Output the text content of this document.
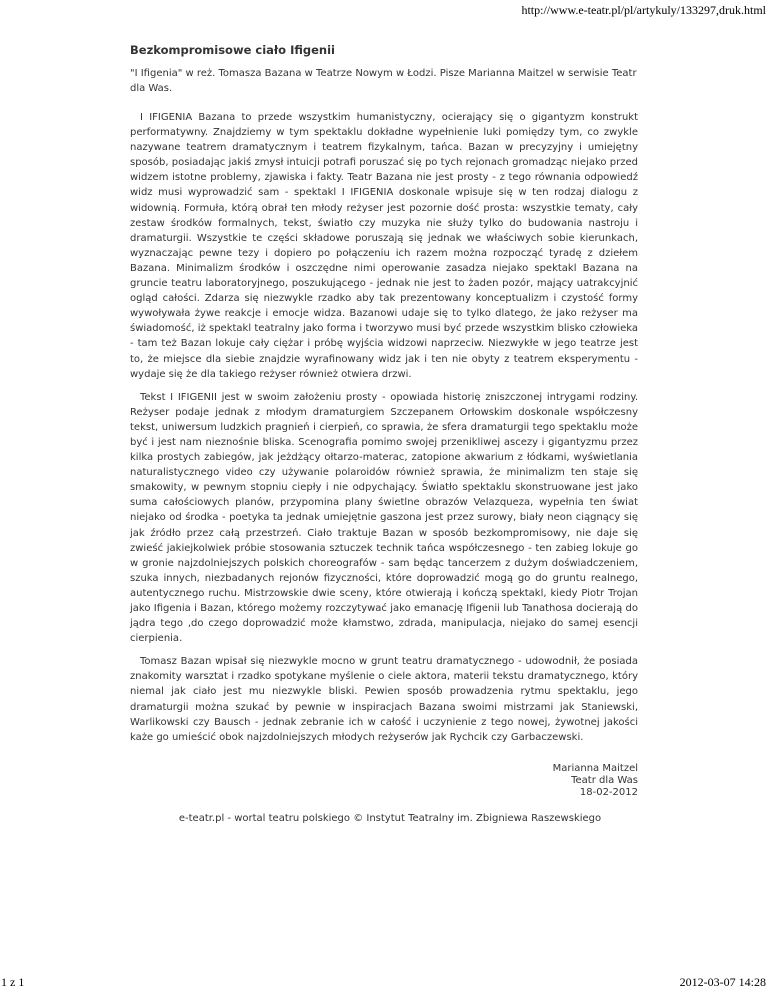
http://www.e-teatr.pl/pl/artykuly/133297,druk.html
Bezkompromisowe ciało Ifigenii

"I Ifigenia" w reż. Tomasza Bazana w Teatrze Nowym w Łodzi. Pisze Marianna Maitzel w serwisie Teatr dla Was.

I IFIGENIA Bazana to przede wszystkim humanistyczny, ocierający się o gigantyzm konstrukt performatywny. Znajdziemy w tym spektaklu dokładne wypełnienie luki pomiędzy tym, co zwykle nazywane teatrem dramatycznym i teatrem fizykalnym, tańca. Bazan w precyzyjny i umiejętny sposób, posiadając jakiś zmysł intuicji potrafi poruszać się po tych rejonach gromadząc niejako przed widzem istotne problemy, zjawiska i fakty. Teatr Bazana nie jest prosty - z tego równania odpowiedź widz musi wyprowadzić sam - spektakl I IFIGENIA doskonale wpisuje się w ten rodzaj dialogu z widownią. Formuła, którą obrał ten młody reżyser jest pozornie dość prosta: wszystkie tematy, cały zestaw środków formalnych, tekst, światło czy muzyka nie służy tylko do budowania nastroju i dramaturgii. Wszystkie te części składowe poruszają się jednak we właściwych sobie kierunkach, wyznaczając pewne tezy i dopiero po połączeniu ich razem można rozpocząć tyradę z dziełem Bazana. Minimalizm środków i oszczędne nimi operowanie zasadza niejako spektakl Bazana na gruncie teatru laboratoryjnego, poszukującego - jednak nie jest to żaden pozór, mający uatrakcyjnić ogląd całości. Zdarza się niezwykle rzadko aby tak prezentowany konceptualizm i czystość formy wywoływała żywe reakcje i emocje widza. Bazanowi udaje się to tylko dlatego, że jako reżyser ma świadomość, iż spektakl teatralny jako forma i tworzywo musi być przede wszystkim blisko człowieka - tam też Bazan lokuje cały ciężar i próbę wyjścia widzowi naprzeciw. Niezwykłe w jego teatrze jest to, że miejsce dla siebie znajdzie wyrafinowany widz jak i ten nie obyty z teatrem eksperymentu - wydaje się że dla takiego reżyser również otwiera drzwi.

Tekst I IFIGENII jest w swoim założeniu prosty - opowiada historię zniszczonej intrygami rodziny. Reżyser podaje jednak z młodym dramaturgiem Szczepanem Orłowskim doskonale współczesny tekst, uniwersum ludzkich pragnień i cierpień, co sprawia, że sfera dramaturgii tego spektaklu może być i jest nam nieznośnie bliska. Scenografia pomimo swojej przenikliwej ascezy i gigantyzmu przez kilka prostych zabiegów, jak jeżdżący ołtarzo-materac, zatopione akwarium z łódkami, wyświetlania naturalistycznego video czy używanie polaroidów również sprawia, że minimalizm ten staje się smakowity, w pewnym stopniu ciepły i nie odpychający. Światło spektaklu skonstruowane jest jako suma całościowych planów, przypomina plany świetlne obrazów Velazqueza, wypełnia ten świat niejako od środka - poetyka ta jednak umiejętnie gaszona jest przez surowy, biały neon ciągnący się jak źródło przez całą przestrzeń. Ciało traktuje Bazan w sposób bezkompromisowy, nie daje się zwieść jakiejkolwiek próbie stosowania sztuczek technik tańca współczesnego - ten zabieg lokuje go w gronie najzdolniejszych polskich choreografów - sam będąc tancerzem z dużym doświadczeniem, szuka innych, niezbadanych rejonów fizyczności, które doprowadzić mogą go do gruntu realnego, autentycznego ruchu. Mistrzowskie dwie sceny, które otwierają i kończą spektakl, kiedy Piotr Trojan jako Ifigenia i Bazan, którego możemy rozczytywać jako emanację Ifigenii lub Tanathosa docierają do jądra tego ,do czego doprowadzić może kłamstwo, zdrada, manipulacja, niejako do samej esencji cierpienia.

Tomasz Bazan wpisał się niezwykle mocno w grunt teatru dramatycznego - udowodnił, że posiada znakomity warsztat i rzadko spotykane myślenie o ciele aktora, materii tekstu dramatycznego, który niemal jak ciało jest mu niezwykle bliski. Pewien sposób prowadzenia rytmu spektaklu, jego dramaturgii można szukać by pewnie w inspiracjach Bazana swoimi mistrzami jak Staniewski, Warlikowski czy Bausch - jednak zebranie ich w całość i uczynienie z tego nowej, żywotnej jakości każe go umieścić obok najzdolniejszych młodych reżyserów jak Rychcik czy Garbaczewski.

Marianna Maitzel
Teatr dla Was
18-02-2012
e-teatr.pl - wortal teatru polskiego © Instytut Teatralny im. Zbigniewa Raszewskiego
1 z 1	2012-03-07 14:28
